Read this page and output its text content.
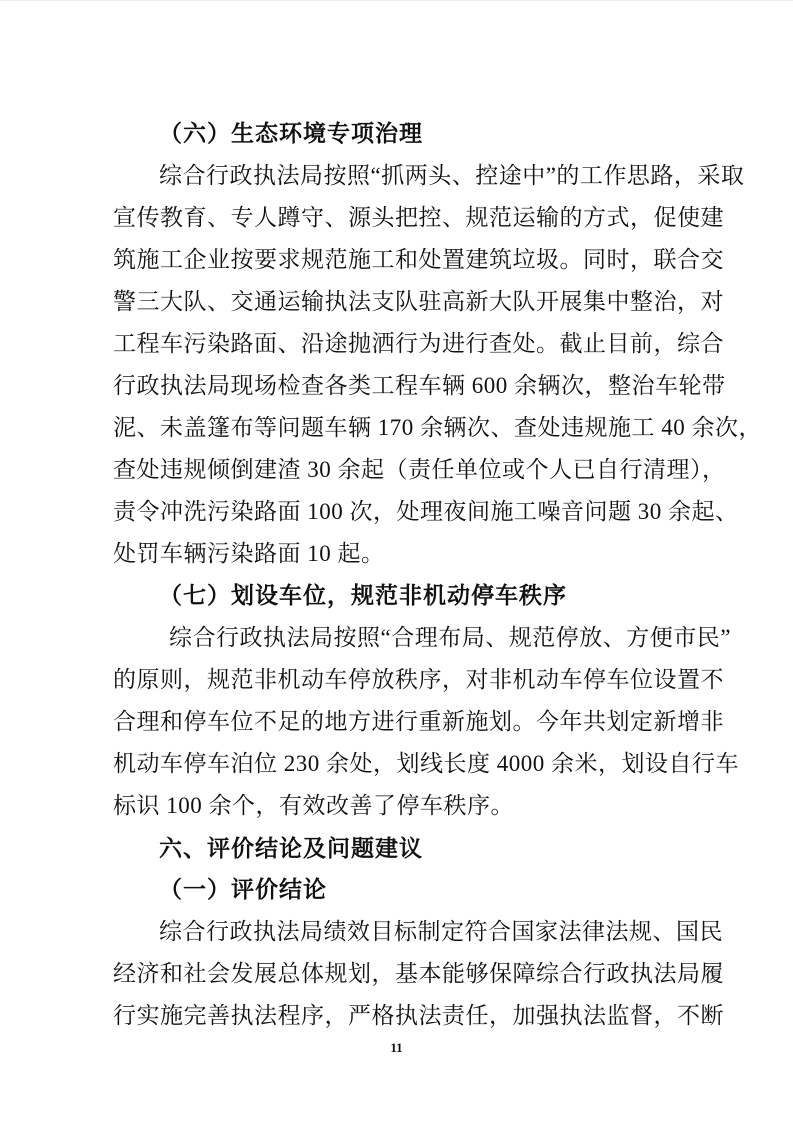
（六）生态环境专项治理
综合行政执法局按照“抓两头、控途中”的工作思路，采取
宣传教育、专人蹲守、源头把控、规范运输的方式，促使建
筑施工企业按要求规范施工和处置建筑垃圾。同时，联合交
警三大队、交通运输执法支队驻高新大队开展集中整治，对
工程车污染路面、沿途抛洒行为进行查处。截止目前，综合
行政执法局现场检查各类工程车辆 600 余辆次，整治车轮带
泥、未盖篷布等问题车辆 170 余辆次、查处违规施工 40 余次，
查处违规倾倒建渣 30 余起（责任单位或个人已自行清理），
责令冲洗污染路面 100 次，处理夜间施工噪音问题 30 余起、
处罚车辆污染路面 10 起。
（七）划设车位，规范非机动停车秩序
综合行政执法局按照“合理布局、规范停放、方便市民”
的原则，规范非机动车停放秩序，对非机动车停车位设置不
合理和停车位不足的地方进行重新施划。今年共划定新增非
机动车停车泊位 230 余处，划线长度 4000 余米，划设自行车
标识 100 余个，有效改善了停车秩序。
六、评价结论及问题建议
（一）评价结论
综合行政执法局绩效目标制定符合国家法律法规、国民
经济和社会发展总体规划，基本能够保障综合行政执法局履
行实施完善执法程序，严格执法责任，加强执法监督，不断
11
